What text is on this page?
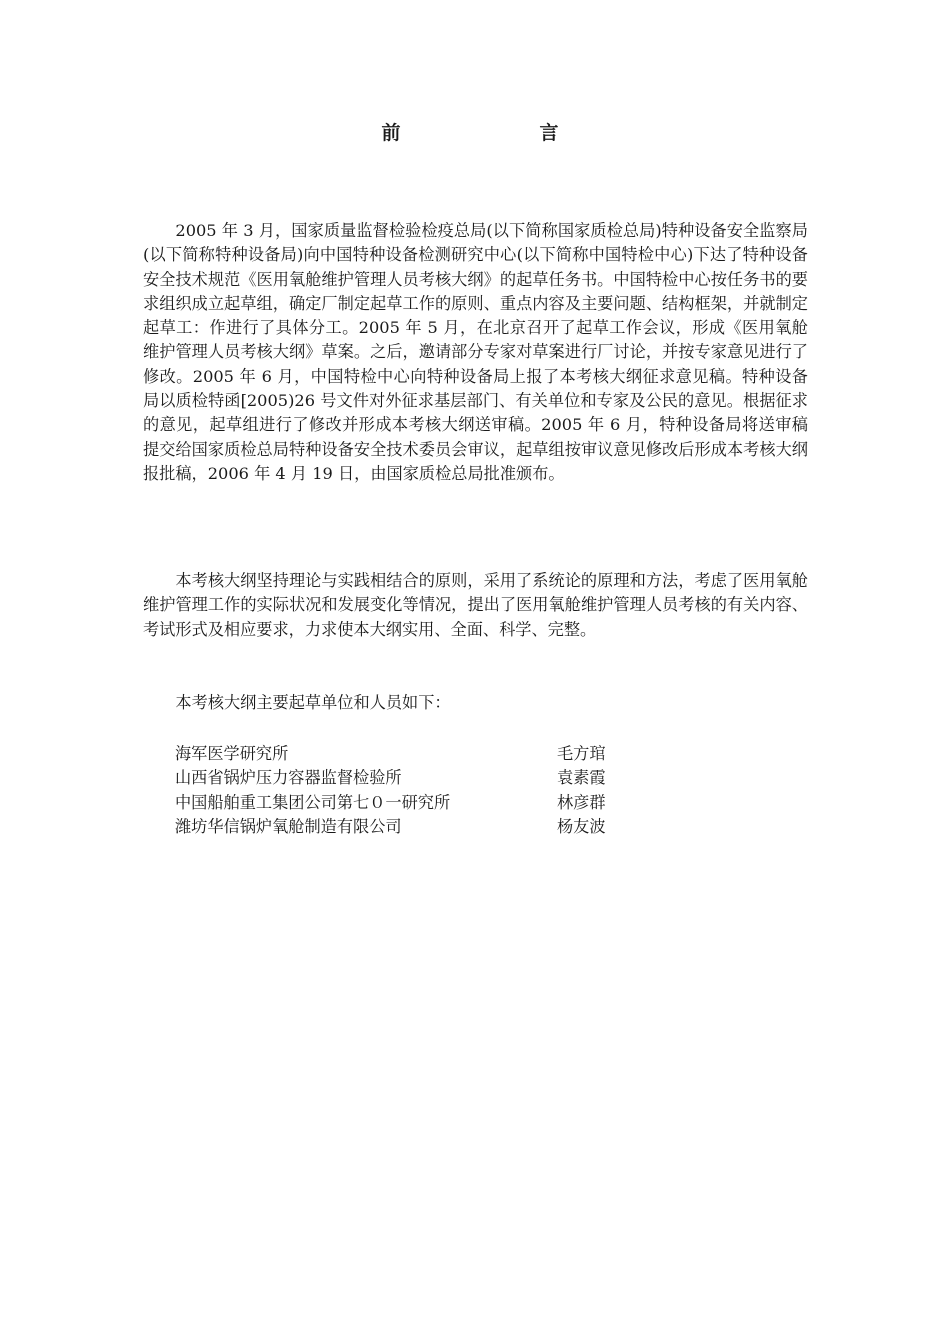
前　言

2005 年 3 月，国家质量监督检验检疫总局(以下简称国家质检总局)特种设备安全监察局(以下简称特种设备局)向中国特种设备检测研究中心(以下简称中国特检中心)下达了特种设备安全技术规范《医用氧舱维护管理人员考核大纲》的起草任务书。中国特检中心按任务书的要求组织成立起草组，确定厂制定起草工作的原则、重点内容及主要问题、结构框架，并就制定起草工：作进行了具体分工。2005 年 5 月，在北京召开了起草工作会议，形成《医用氧舱维护管理人员考核大纲》草案。之后，邀请部分专家对草案进行厂讨论，并按专家意见进行了修改。2005 年 6 月，中国特检中心向特种设备局上报了本考核大纲征求意见稿。特种设备局以质检特函[2005)26 号文件对外征求基层部门、有关单位和专家及公民的意见。根据征求的意见，起草组进行了修改并形成本考核大纲送审稿。2005 年 6 月，特种设备局将送审稿提交给国家质检总局特种设备安全技术委员会审议，起草组按审议意见修改后形成本考核大纲报批稿，2006 年 4 月 19 日，由国家质检总局批准颁布。

本考核大纲坚持理论与实践相结合的原则，采用了系统论的原理和方法，考虑了医用氧舱维护管理工作的实际状况和发展变化等情况，提出了医用氧舱维护管理人员考核的有关内容、考试形式及相应要求，力求使本大纲实用、全面、科学、完整。

本考核大纲主要起草单位和人员如下：

海军医学研究所	毛方琯
山西省锅炉压力容器监督检验所	袁素霞
中国船舶重工集团公司第七０一研究所	林彦群
潍坊华信锅炉氧舱制造有限公司	杨友波
